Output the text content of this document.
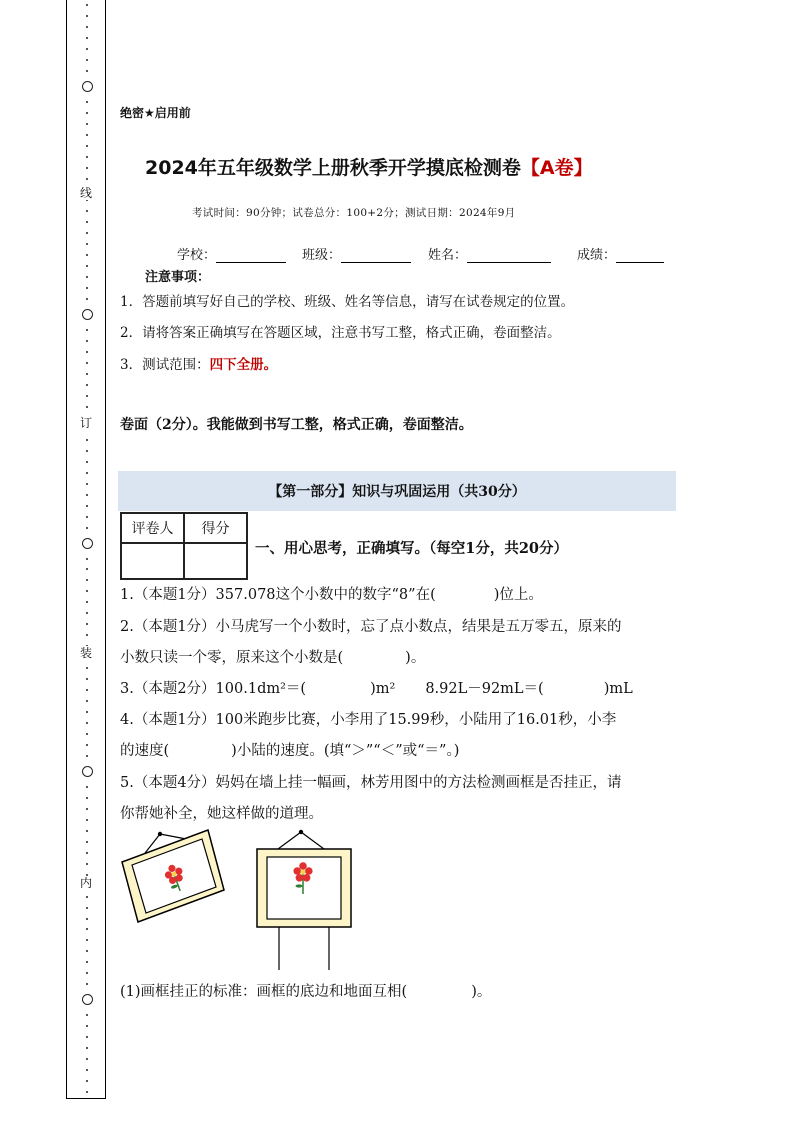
线
订
装
内
绝密★启用前
2024年五年级数学上册秋季开学摸底检测卷【A卷】
考试时间：90分钟；试卷总分：100+2分；测试日期：2024年9月
学校：	班级：	姓名：	成绩：
注意事项：
1．答题前填写好自己的学校、班级、姓名等信息，请写在试卷规定的位置。
2．请将答案正确填写在答题区域，注意书写工整，格式正确，卷面整洁。
3．测试范围：四下全册。
卷面（2分）。我能做到书写工整，格式正确，卷面整洁。
【第一部分】知识与巩固运用（共30分）
评卷人	得分

一、用心思考，正确填写。（每空1分，共20分）
1.（本题1分）357.078这个小数中的数字“8”在(	)位上。
2.（本题1分）小马虎写一个小数时，忘了点小数点，结果是五万零五，原来的
小数只读一个零，原来这个小数是(	)。
3.（本题2分）100.1dm²＝(	)m² 8.92L－92mL＝(	)mL
4.（本题1分）100米跑步比赛，小李用了15.99秒，小陆用了16.01秒，小李
的速度(	)小陆的速度。(填“＞”“＜”或“＝”。)
5.（本题4分）妈妈在墙上挂一幅画，林芳用图中的方法检测画框是否挂正，请
你帮她补全，她这样做的道理。
(1)画框挂正的标准：画框的底边和地面互相(	)。
